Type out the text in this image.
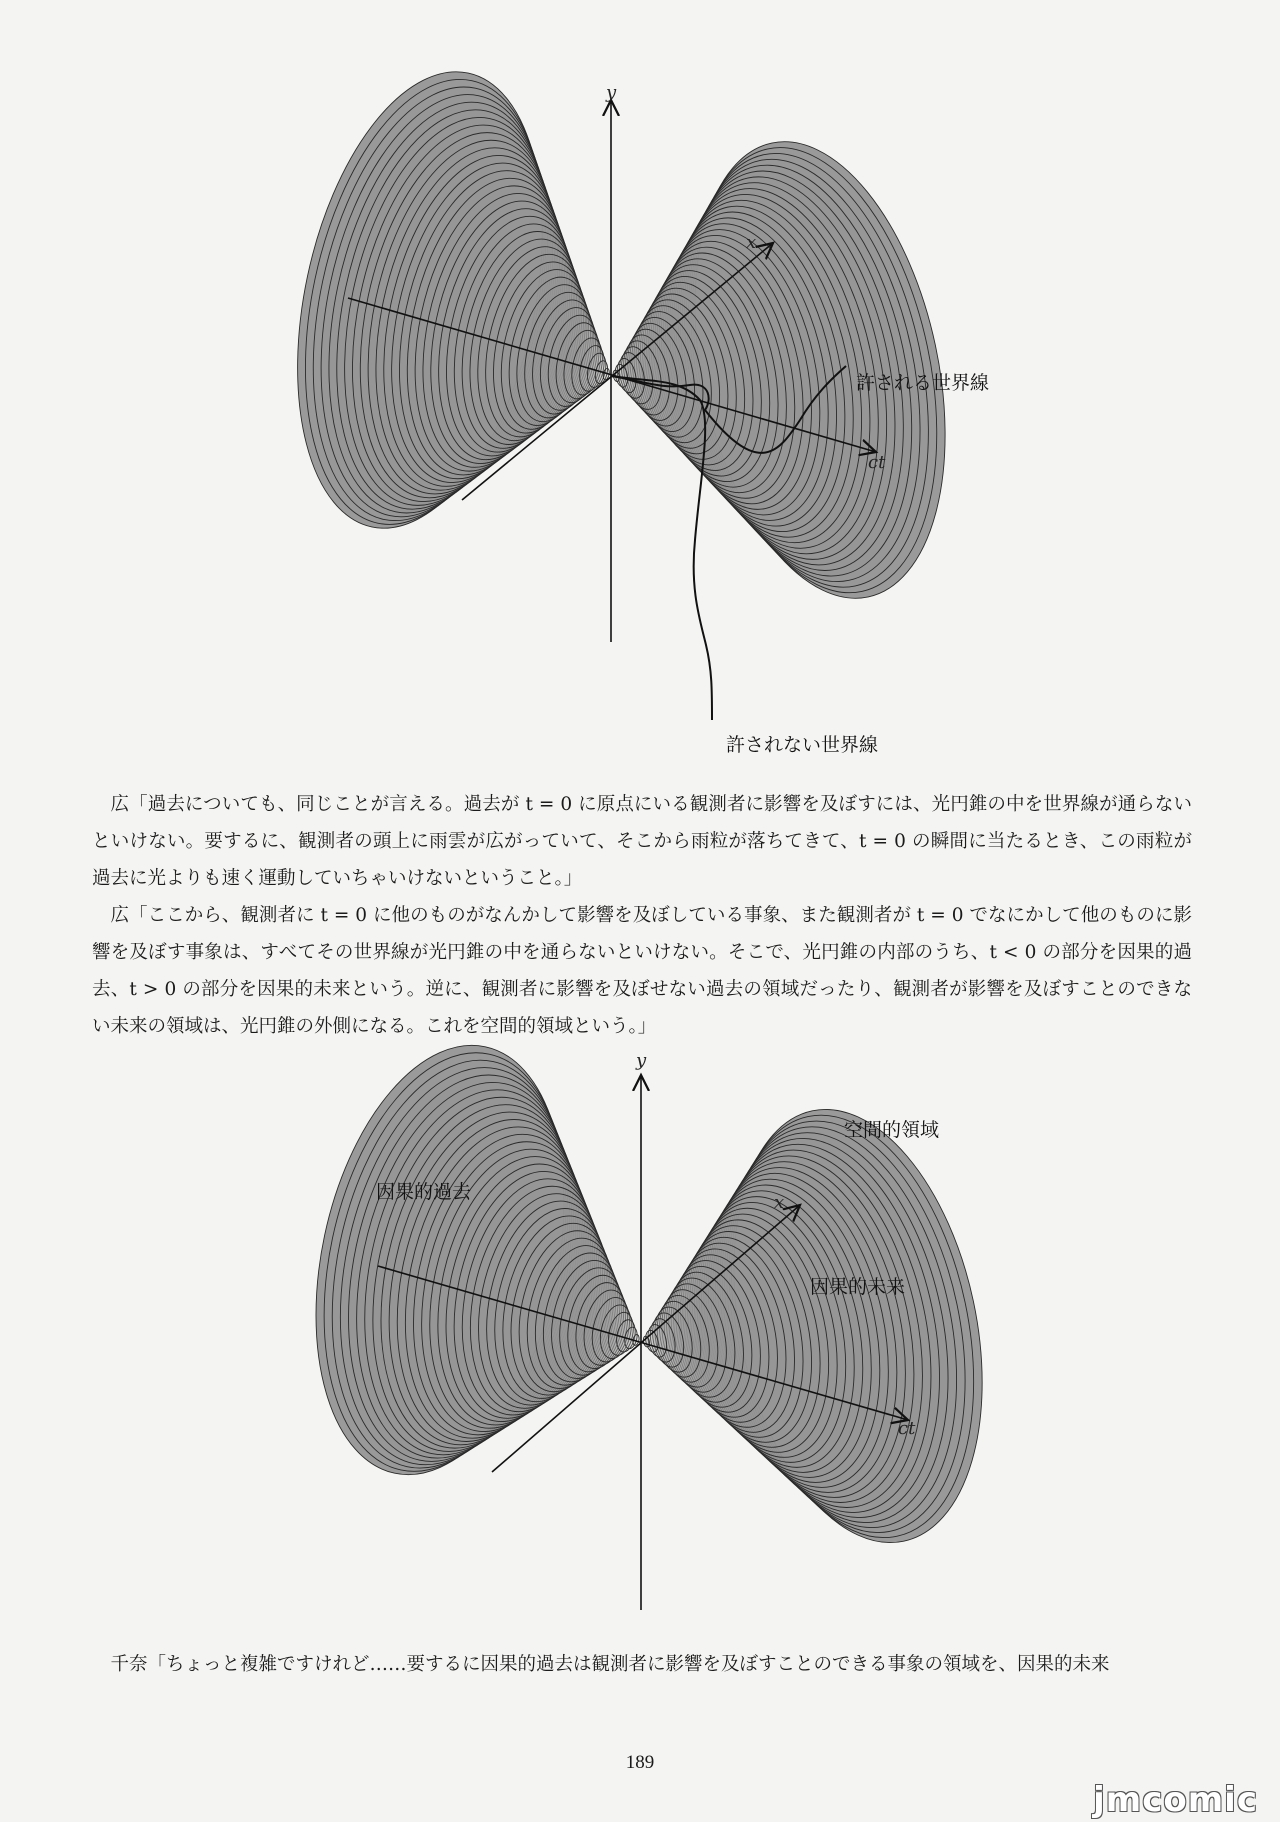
y
x
ct
許される世界線
許されない世界線

広「過去についても、同じことが言える。過去が t = 0 に原点にいる観測者に影響を及ぼすには、光円錐の中を世界線が通らないといけない。要するに、観測者の頭上に雨雲が広がっていて、そこから雨粒が落ちてきて、t = 0 の瞬間に当たるとき、この雨粒が過去に光よりも速く運動していちゃいけないということ。」

広「ここから、観測者に t = 0 に他のものがなんかして影響を及ぼしている事象、また観測者が t = 0 でなにかして他のものに影響を及ぼす事象は、すべてその世界線が光円錐の中を通らないといけない。そこで、光円錐の内部のうち、t < 0 の部分を因果的過去、t > 0 の部分を因果的未来という。逆に、観測者に影響を及ぼせない過去の領域だったり、観測者が影響を及ぼすことのできない未来の領域は、光円錐の外側になる。これを空間的領域という。」

y
x
ct
空間的領域
因果的過去
因果的未来

千奈「ちょっと複雑ですけれど……要するに因果的過去は観測者に影響を及ぼすことのできる事象の領域を、因果的未来

189
jmcomic
